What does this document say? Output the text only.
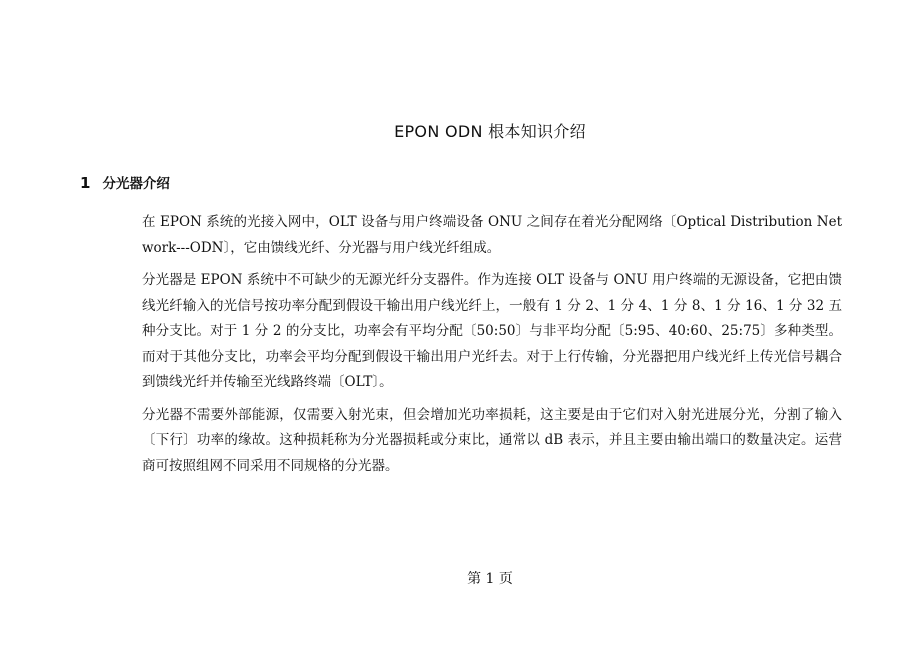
EPON ODN 根本知识介绍
1 分光器介绍

在 EPON 系统的光接入网中，OLT 设备与用户终端设备 ONU 之间存在着光分配网络〔Optical Distribution Network---ODN〕，它由馈线光纤、分光器与用户线光纤组成。

分光器是 EPON 系统中不可缺少的无源光纤分支器件。作为连接 OLT 设备与 ONU 用户终端的无源设备，它把由馈线光纤输入的光信号按功率分配到假设干输出用户线光纤上，一般有 1 分 2、1 分 4、1 分 8、1 分 16、1 分 32 五种分支比。对于 1 分 2 的分支比，功率会有平均分配〔50:50〕与非平均分配〔5:95、40:60、25:75〕多种类型。而对于其他分支比，功率会平均分配到假设干输出用户光纤去。对于上行传输，分光器把用户线光纤上传光信号耦合到馈线光纤并传输至光线路终端〔OLT〕。

分光器不需要外部能源，仅需要入射光束，但会增加光功率损耗，这主要是由于它们对入射光进展分光，分割了输入〔下行〕功率的缘故。这种损耗称为分光器损耗或分束比，通常以 dB 表示，并且主要由输出端口的数量决定。运营商可按照组网不同采用不同规格的分光器。

第 1 页
